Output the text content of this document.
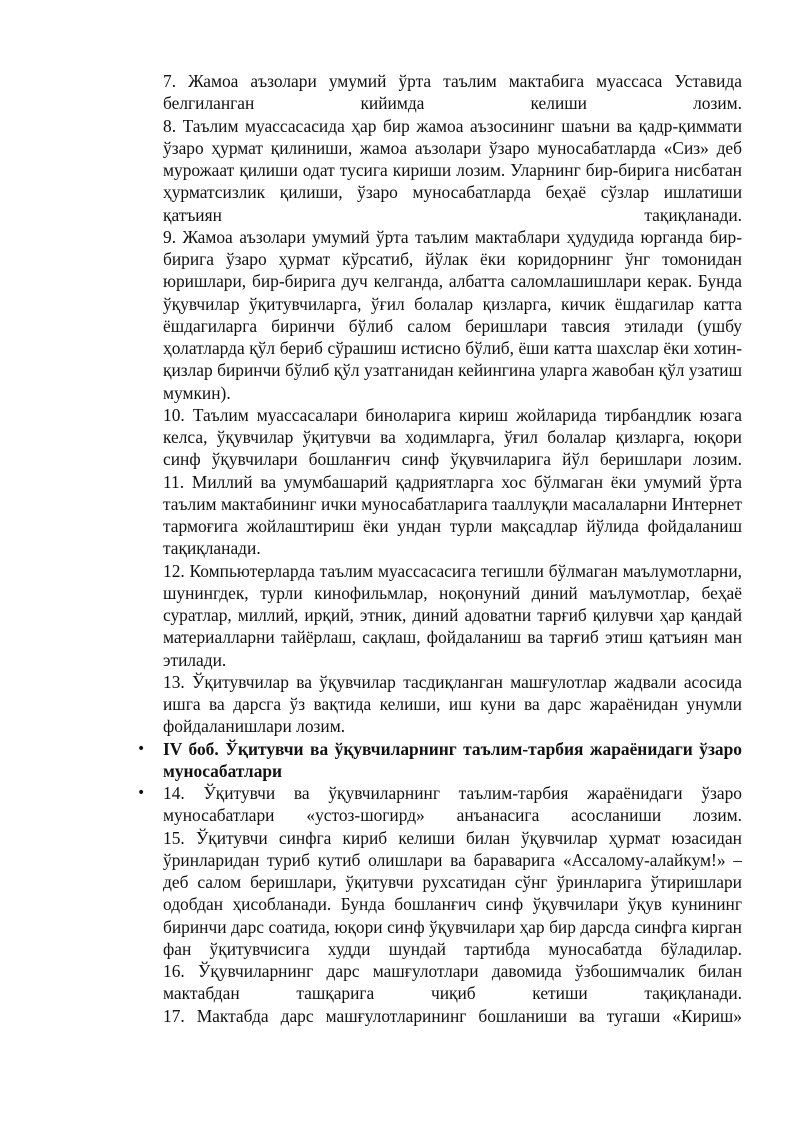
7. Жамоа аъзолари умумий ўрта таълим мактабига муассаса Уставида белгиланган кийимда келиши лозим.

8. Таълим муассасасида ҳар бир жамоа аъзосининг шаъни ва қадр-қиммати ўзаро ҳурмат қилиниши, жамоа аъзолари ўзаро муносабатларда «Сиз» деб мурожаат қилиши одат тусига кириши лозим. Уларнинг бир-бирига нисбатан ҳурматсизлик қилиши, ўзаро муносабатларда беҳаё сўзлар ишлатиши қатъиян тақиқланади.

9. Жамоа аъзолари умумий ўрта таълим мактаблари ҳудудида юрганда бир-бирига ўзаро ҳурмат кўрсатиб, йўлак ёки коридорнинг ўнг томонидан юришлари, бир-бирига дуч келганда, албатта саломлашишлари керак. Бунда ўқувчилар ўқитувчиларга, ўғил болалар қизларга, кичик ёшдагилар катта ёшдагиларга биринчи бўлиб салом беришлари тавсия этилади (ушбу ҳолатларда қўл бериб сўрашиш истисно бўлиб, ёши катта шахслар ёки хотин-қизлар биринчи бўлиб қўл узатганидан кейингина уларга жавобан қўл узатиш мумкин).

10. Таълим муассасалари биноларига кириш жойларида тирбандлик юзага келса, ўқувчилар ўқитувчи ва ходимларга, ўғил болалар қизларга, юқори синф ўқувчилари бошланғич синф ўқувчиларига йўл беришлари лозим.

11. Миллий ва умумбашарий қадриятларга хос бўлмаган ёки умумий ўрта таълим мактабининг ички муносабатларига тааллуқли масалаларни Интернет тармоғига жойлаштириш ёки ундан турли мақсадлар йўлида фойдаланиш тақиқланади.

12. Компьютерларда таълим муассасасига тегишли бўлмаган маълумотларни, шунингдек, турли кинофильмлар, ноқонуний диний маълумотлар, беҳаё суратлар, миллий, ирқий, этник, диний адоватни тарғиб қилувчи ҳар қандай материалларни тайёрлаш, сақлаш, фойдаланиш ва тарғиб этиш қатъиян ман этилади.

13. Ўқитувчилар ва ўқувчилар тасдиқланган машғулотлар жадвали асосида ишга ва дарсга ўз вақтида келиши, иш куни ва дарс жараёнидан унумли фойдаланишлари лозим.

• IV боб. Ўқитувчи ва ўқувчиларнинг таълим-тарбия жараёнидаги ўзаро муносабатлари

• 14. Ўқитувчи ва ўқувчиларнинг таълим-тарбия жараёнидаги ўзаро муносабатлари «устоз-шогирд» анъанасига асосланиши лозим.

15. Ўқитувчи синфга кириб келиши билан ўқувчилар ҳурмат юзасидан ўринларидан туриб кутиб олишлари ва бараварига «Ассалому-алайкум!» – деб салом беришлари, ўқитувчи рухсатидан сўнг ўринларига ўтиришлари одобдан ҳисобланади. Бунда бошланғич синф ўқувчилари ўқув кунининг биринчи дарс соатида, юқори синф ўқувчилари ҳар бир дарсда синфга кирган фан ўқитувчисига худди шундай тартибда муносабатда бўладилар.

16. Ўқувчиларнинг дарс машғулотлари давомида ўзбошимчалик билан мактабдан ташқарига чиқиб кетиши тақиқланади.

17. Мактабда дарс машғулотларининг бошланиши ва тугаши «Кириш»
